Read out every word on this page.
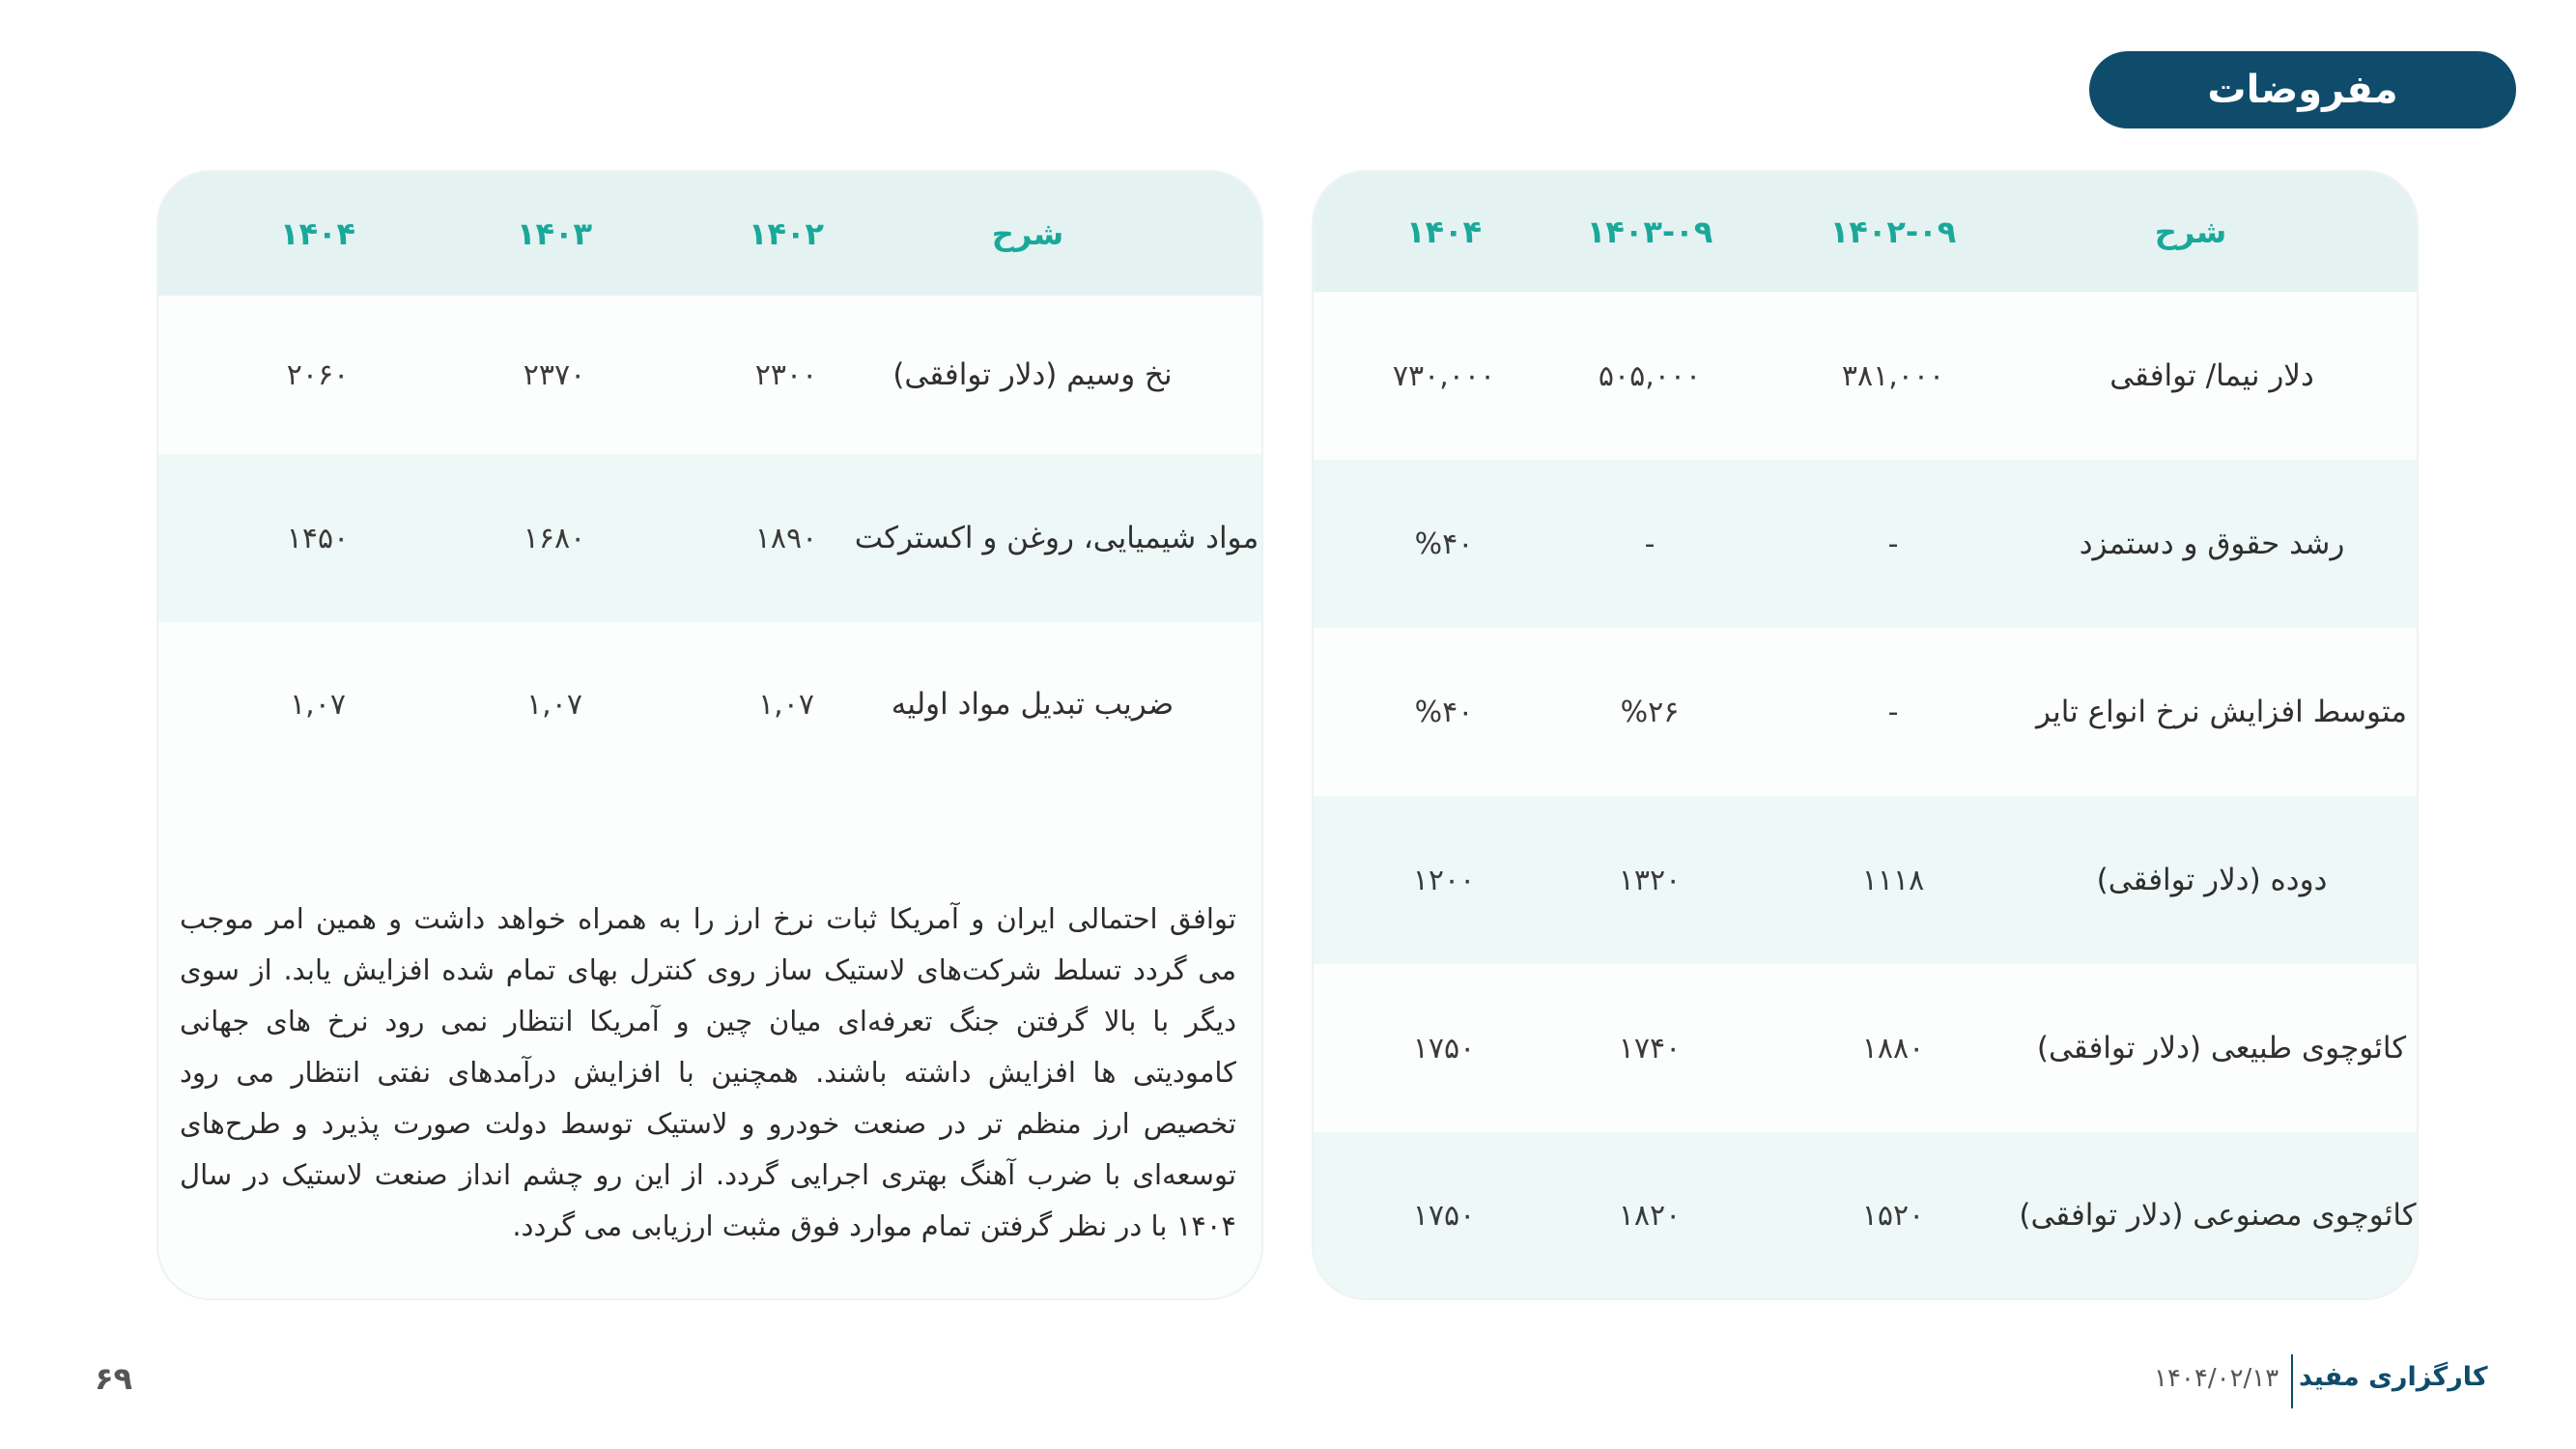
مفروضات
شرح
۱۴۰۲-۰۹
۱۴۰۳-۰۹
۱۴۰۴
دلار نیما/ توافقی
۳۸۱,۰۰۰
۵۰۵,۰۰۰
۷۳۰,۰۰۰
رشد حقوق و دستمزد
-
-
%۴۰
متوسط افزایش نرخ انواع تایر
-
%۲۶
%۴۰
دوده (دلار توافقی)
۱۱۱۸
۱۳۲۰
۱۲۰۰
کائوچوی طبیعی (دلار توافقی)
۱۸۸۰
۱۷۴۰
۱۷۵۰
کائوچوی مصنوعی (دلار توافقی)
۱۵۲۰
۱۸۲۰
۱۷۵۰
شرح
۱۴۰۲
۱۴۰۳
۱۴۰۴
نخ وسیم (دلار توافقی)
۲۳۰۰
۲۳۷۰
۲۰۶۰
مواد شیمیایی، روغن و اکسترکت
۱۸۹۰
۱۶۸۰
۱۴۵۰
ضریب تبدیل مواد اولیه
۱,۰۷
۱,۰۷
۱,۰۷
توافق احتمالی ایران و آمریکا ثبات نرخ ارز را به همراه خواهد داشت و همین امر موجب می گردد تسلط شرکت‌های لاستیک ساز روی کنترل بهای تمام شده افزایش یابد. از سوی دیگر با بالا گرفتن جنگ تعرفه‌ای میان چین و آمریکا انتظار نمی رود نرخ های جهانی کامودیتی ها افزایش داشته باشند. همچنین با افزایش درآمدهای نفتی انتظار می رود تخصیص ارز منظم تر در صنعت خودرو و لاستیک توسط دولت صورت پذیرد و طرح‌های توسعه‌ای با ضرب آهنگ بهتری اجرایی گردد. از این رو چشم انداز صنعت لاستیک در سال ۱۴۰۴ با در نظر گرفتن تمام موارد فوق مثبت ارزیابی می گردد.
کارگزاری مفید
۱۴۰۴/۰۲/۱۳
۶۹
